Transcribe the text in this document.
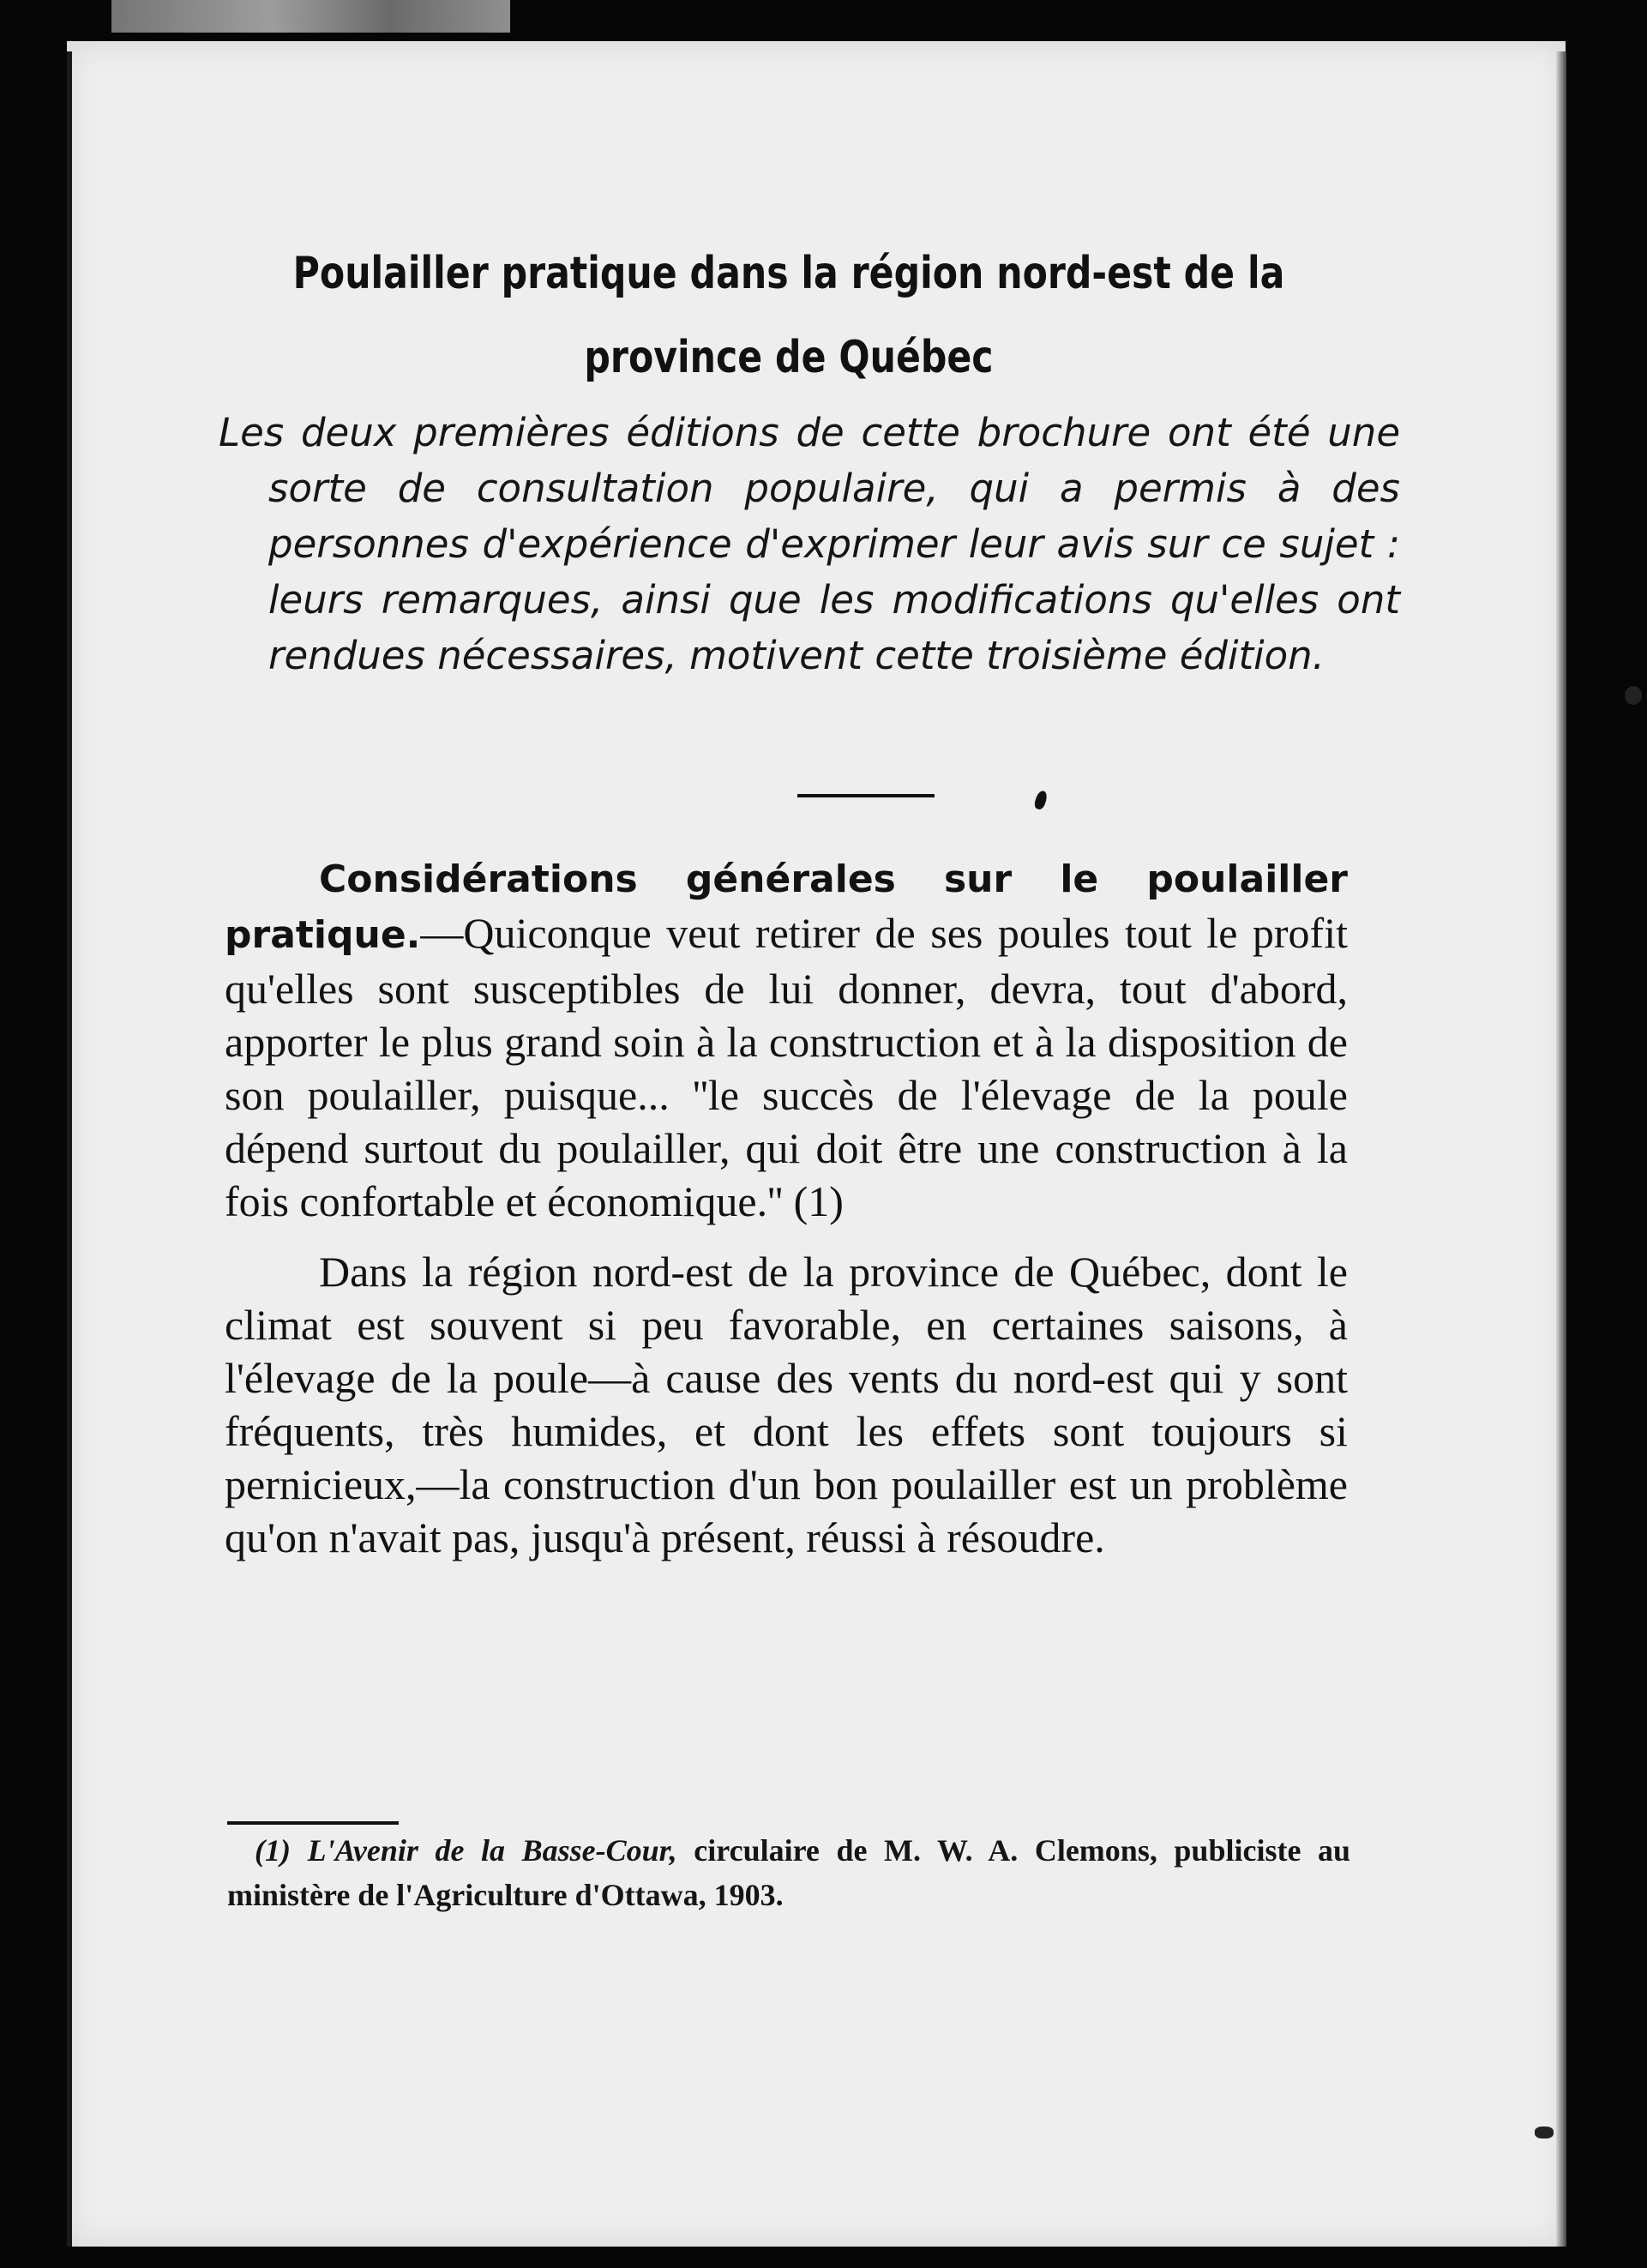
Poulailler pratique dans la région nord-est de la province de Québec

Les deux premières éditions de cette brochure ont été une sorte de consultation populaire, qui a permis à des personnes d'expérience d'exprimer leur avis sur ce sujet : leurs remarques, ainsi que les modifications qu'elles ont rendues nécessaires, motivent cette troisième édition.

Considérations générales sur le poulailler pratique.—Quiconque veut retirer de ses poules tout le profit qu'elles sont susceptibles de lui donner, devra, tout d'abord, apporter le plus grand soin à la construction et à la disposition de son poulailler, puisque... ''le succès de l'élevage de la poule dépend surtout du poulailler, qui doit être une construction à la fois confortable et économique.'' (1)

Dans la région nord-est de la province de Québec, dont le climat est souvent si peu favorable, en certaines saisons, à l'élevage de la poule—à cause des vents du nord-est qui y sont fréquents, très humides, et dont les effets sont toujours si pernicieux,—la construction d'un bon poulailler est un problème qu'on n'avait pas, jusqu'à présent, réussi à résoudre.

(1) L'Avenir de la Basse-Cour, circulaire de M. W. A. Clemons, publiciste au ministère de l'Agriculture d'Ottawa, 1903.
